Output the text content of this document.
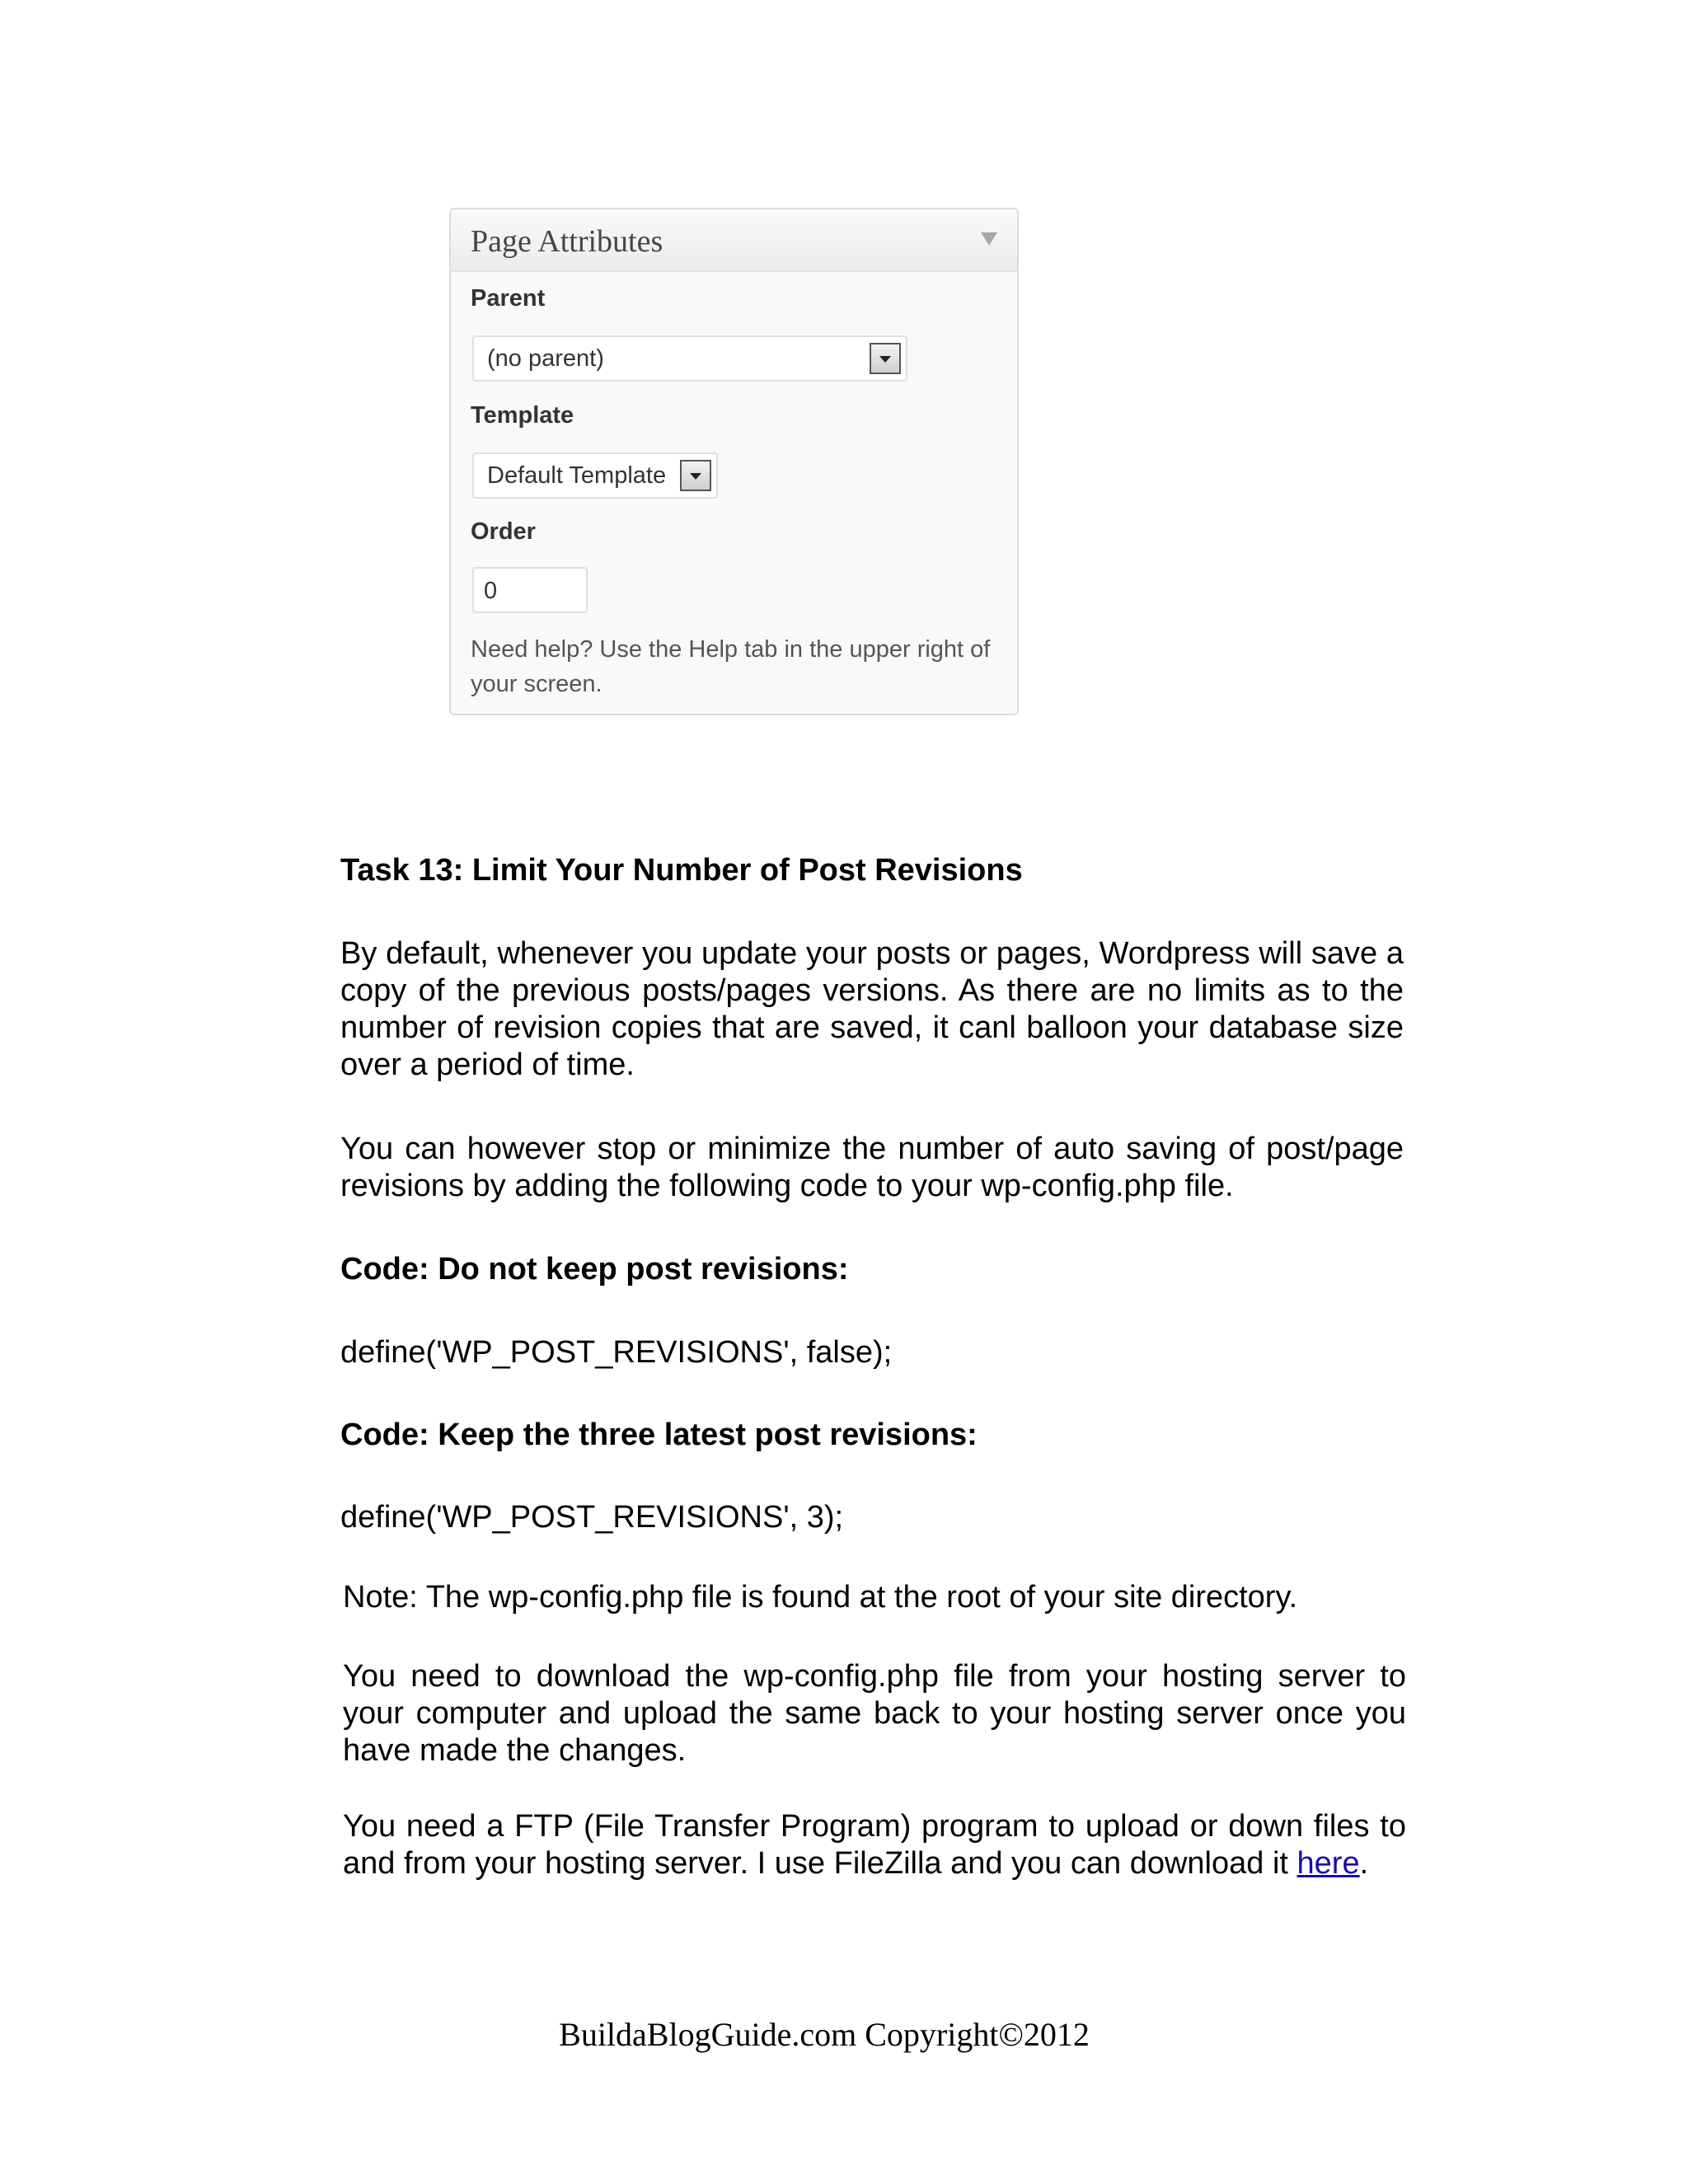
Page Attributes
Parent
(no parent)
Template
Default Template
Order
0
Need help? Use the Help tab in the upper right of your screen.
Task 13: Limit Your Number of Post Revisions
By default, whenever you update your posts or pages, Wordpress will save a copy of the previous posts/pages versions. As there are no limits as to the number of revision copies that are saved, it canl balloon your database size over a period of time.
You can however stop or minimize the number of auto saving of post/page revisions by adding the following code to your wp-config.php file.
Code: Do not keep post revisions:
define('WP_POST_REVISIONS', false);
Code: Keep the three latest post revisions:
define('WP_POST_REVISIONS', 3);
Note: The wp-config.php file is found at the root of your site directory.
You need to download the wp-config.php file from your hosting server to your computer and upload the same back to your hosting server once you have made the changes.
You need a FTP (File Transfer Program) program to upload or down files to and from your hosting server. I use FileZilla and you can download it here.
BuildaBlogGuide.com Copyright©2012
